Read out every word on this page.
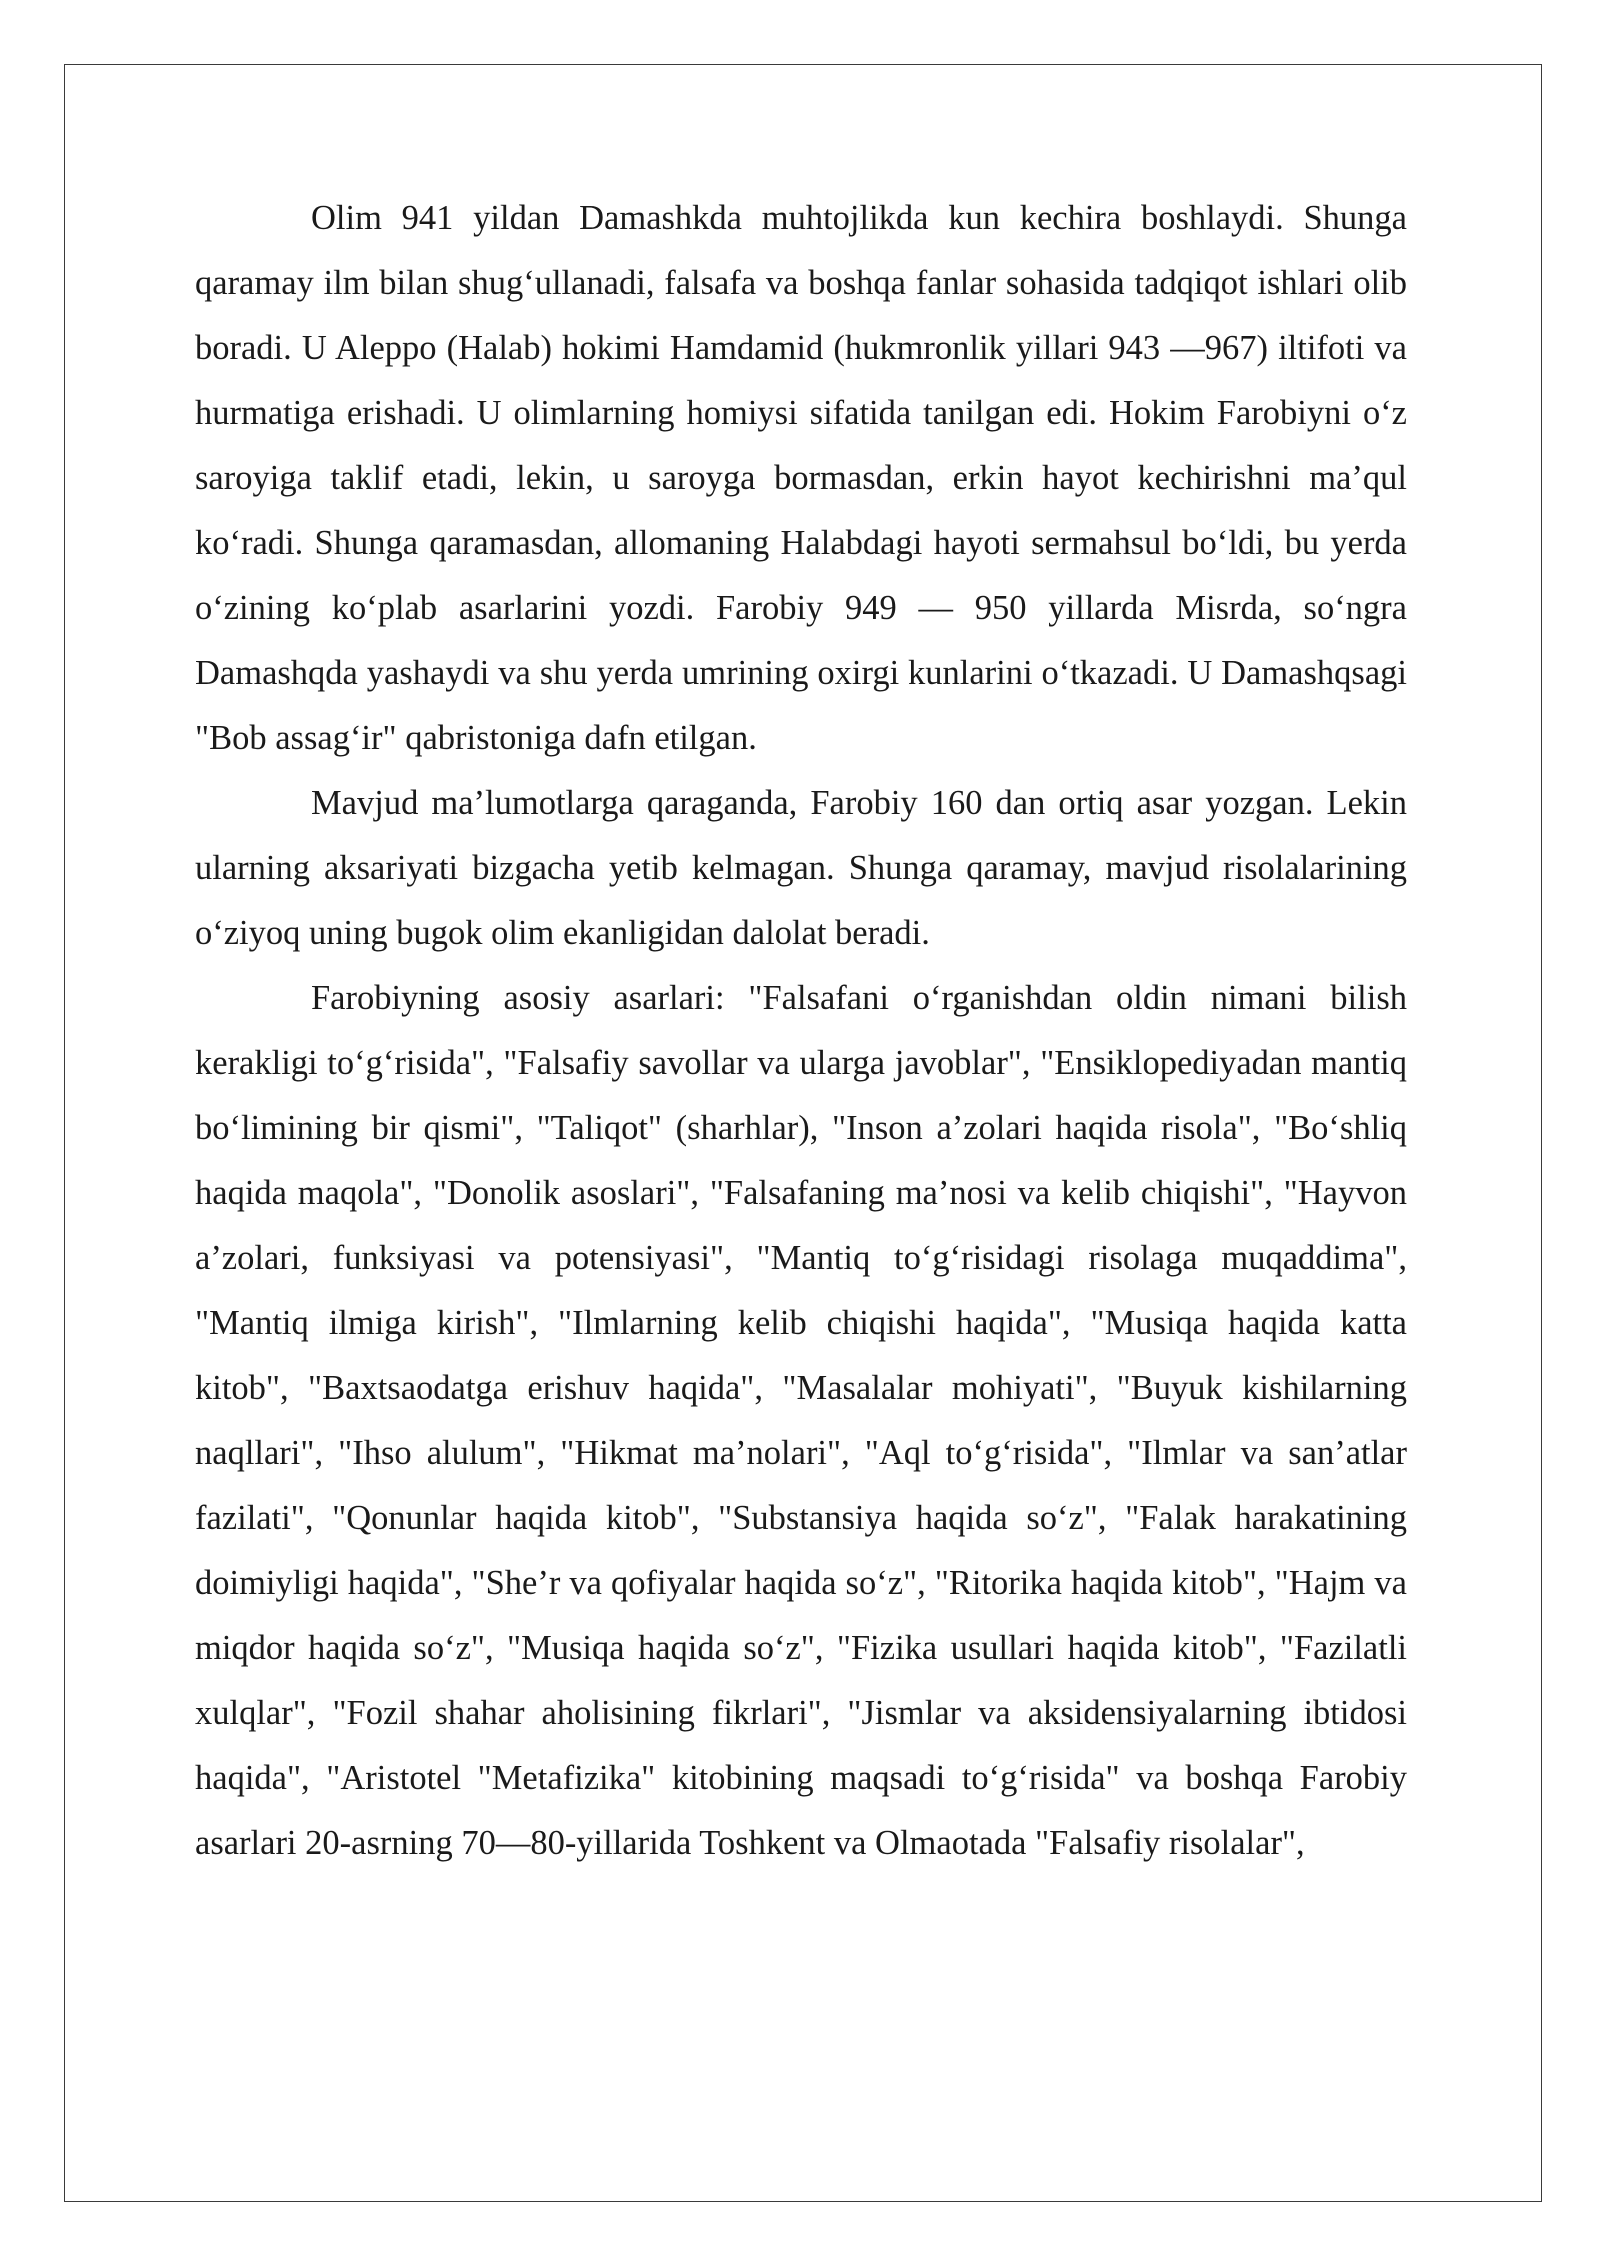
Olim 941 yildan Damashkda muhtojlikda kun kechira boshlaydi. Shunga qaramay ilm bilan shug‘ullanadi, falsafa va boshqa fanlar sohasida tadqiqot ishlari olib boradi. U Aleppo (Halab) hokimi Hamdamid (hukmronlik yillari 943 —967) iltifoti va hurmatiga erishadi. U olimlarning homiysi sifatida tanilgan edi. Hokim Farobiyni o‘z saroyiga taklif etadi, lekin, u saroyga bormasdan, erkin hayot kechirishni ma’qul ko‘radi. Shunga qaramasdan, allomaning Halabdagi hayoti sermahsul bo‘ldi, bu yerda o‘zining ko‘plab asarlarini yozdi. Farobiy 949 — 950 yillarda Misrda, so‘ngra Damashqda yashaydi va shu yerda umrining oxirgi kunlarini o‘tkazadi. U Damashqsagi "Bob assag‘ir" qabristoniga dafn etilgan.

Mavjud ma’lumotlarga qaraganda, Farobiy 160 dan ortiq asar yozgan. Lekin ularning aksariyati bizgacha yetib kelmagan. Shunga qaramay, mavjud risolalarining o‘ziyoq uning bugok olim ekanligidan dalolat beradi.

Farobiyning asosiy asarlari: "Falsafani o‘rganishdan oldin nimani bilish kerakligi to‘g‘risida", "Falsafiy savollar va ularga javoblar", "Ensiklopediyadan mantiq bo‘limining bir qismi", "Taliqot" (sharhlar), "Inson a’zolari haqida risola", "Bo‘shliq haqida maqola", "Donolik asoslari", "Falsafaning ma’nosi va kelib chiqishi", "Hayvon a’zolari, funksiyasi va potensiyasi", "Mantiq to‘g‘risidagi risolaga muqaddima", "Mantiq ilmiga kirish", "Ilmlarning kelib chiqishi haqida", "Musiqa haqida katta kitob", "Baxtsaodatga erishuv haqida", "Masalalar mohiyati", "Buyuk kishilarning naqllari", "Ihso alulum", "Hikmat ma’nolari", "Aql to‘g‘risida", "Ilmlar va san’atlar fazilati", "Qonunlar haqida kitob", "Substansiya haqida so‘z", "Falak harakatining doimiyligi haqida", "She’r va qofiyalar haqida so‘z", "Ritorika haqida kitob", "Hajm va miqdor haqida so‘z", "Musiqa haqida so‘z", "Fizika usullari haqida kitob", "Fazilatli xulqlar", "Fozil shahar aholisining fikrlari", "Jismlar va aksidensiyalarning ibtidosi haqida", "Aristotel "Metafizika" kitobining maqsadi to‘g‘risida" va boshqa Farobiy asarlari 20-asrning 70—80-yillarida Toshkent va Olmaotada "Falsafiy risolalar",
